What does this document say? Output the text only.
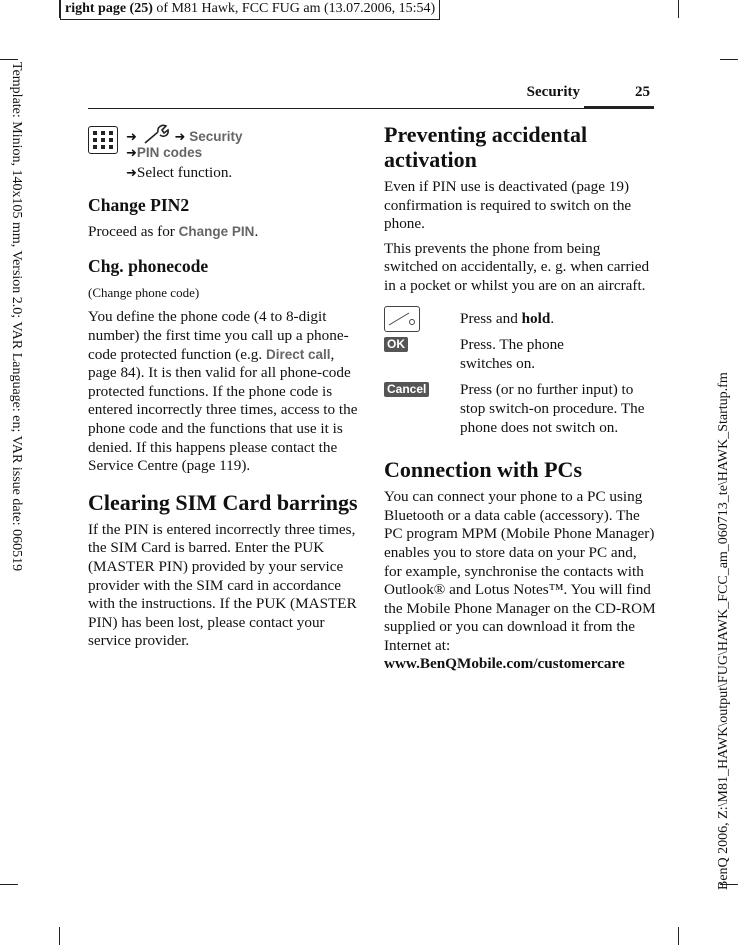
right page (25) of M81 Hawk, FCC FUG am (13.07.2006, 15:54)
Template: Minion, 140x105 mm, Version 2.0; VAR Language: en; VAR issue date: 060519
BenQ 2006, Z:\M81_HAWK\output\FUG\HAWK_FCC_am_060713_te\HAWK_Startup.fm
Security	25
➜	➜ Security
➜PIN codes
➜Select function.
Change PIN2

Proceed as for Change PIN.

Chg. phonecode

(Change phone code)

You define the phone code (4 to 8-digit number) the first time you call up a phone-code protected function (e.g. Direct call, page 84). It is then valid for all phone-code protected functions. If the phone code is entered incorrectly three times, access to the phone code and the functions that use it is denied. If this happens please contact the Service Centre (page 119).

Clearing SIM Card barrings

If the PIN is entered incorrectly three times, the SIM Card is barred. Enter the PUK (MASTER PIN) provided by your service provider with the SIM card in accordance with the instructions. If the PUK (MASTER PIN) has been lost, please contact your service provider.

Preventing accidental activation

Even if PIN use is deactivated (page 19) confirmation is required to switch on the phone.

This prevents the phone from being switched on accidentally, e. g. when carried in a pocket or whilst you are on an aircraft.

Press and hold.
OK	Press. The phone switches on.
Cancel Press (or no further input) to stop switch-on procedure. The phone does not switch on.
Connection with PCs

You can connect your phone to a PC using Bluetooth or a data cable (accessory). The PC program MPM (Mobile Phone Manager) enables you to store data on your PC and, for example, synchronise the contacts with Outlook® and Lotus Notes™. You will find the Mobile Phone Manager on the CD-ROM supplied or you can download it from the Internet at:

www.BenQMobile.com/customercare
